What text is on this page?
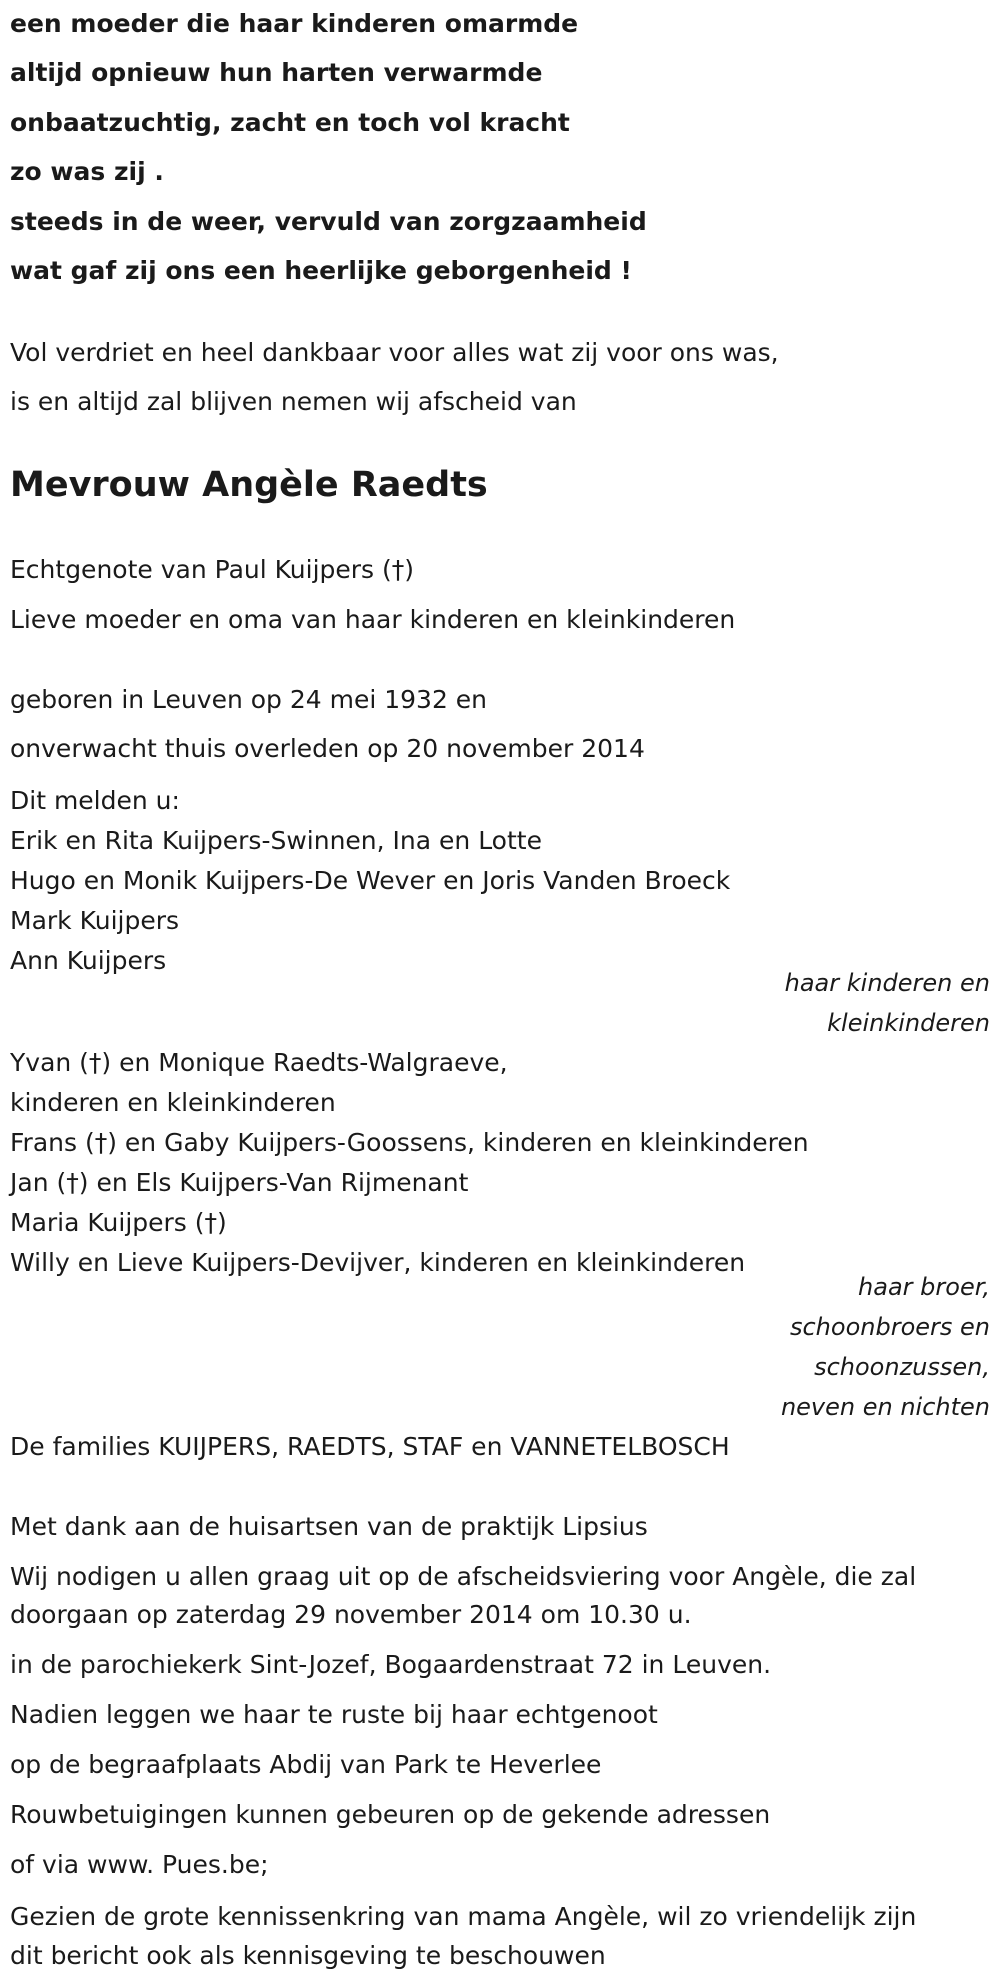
een moeder die haar kinderen omarmde
altijd opnieuw hun harten verwarmde
onbaatzuchtig, zacht en toch vol kracht
zo was zij .
steeds in de weer, vervuld van zorgzaamheid
wat gaf zij ons een heerlijke geborgenheid !
Vol verdriet en heel dankbaar voor alles wat zij voor ons was,
is en altijd zal blijven nemen wij afscheid van
Mevrouw Angèle Raedts
Echtgenote van Paul Kuijpers (†)
Lieve moeder en oma van haar kinderen en kleinkinderen
geboren in Leuven op 24 mei 1932 en
onverwacht thuis overleden op 20 november 2014
Dit melden u:
Erik en Rita Kuijpers-Swinnen, Ina en Lotte
Hugo en Monik Kuijpers-De Wever en Joris Vanden Broeck
Mark Kuijpers
Ann Kuijpers
haar kinderen en
kleinkinderen
Yvan (†) en Monique Raedts-Walgraeve,
kinderen en kleinkinderen
Frans (†) en Gaby Kuijpers-Goossens, kinderen en kleinkinderen
Jan (†) en Els Kuijpers-Van Rijmenant
Maria Kuijpers (†)
Willy en Lieve Kuijpers-Devijver, kinderen en kleinkinderen
haar broer,
schoonbroers en
schoonzussen,
neven en nichten
De families KUIJPERS, RAEDTS, STAF en VANNETELBOSCH
Met dank aan de huisartsen van de praktijk Lipsius
Wij nodigen u allen graag uit op de afscheidsviering voor Angèle, die zal
doorgaan op zaterdag 29 november 2014 om 10.30 u.
in de parochiekerk Sint-Jozef, Bogaardenstraat 72 in Leuven.
Nadien leggen we haar te ruste bij haar echtgenoot
op de begraafplaats Abdij van Park te Heverlee
Rouwbetuigingen kunnen gebeuren op de gekende adressen
of via www. Pues.be;
Gezien de grote kennissenkring van mama Angèle, wil zo vriendelijk zijn
dit bericht ook als kennisgeving te beschouwen
